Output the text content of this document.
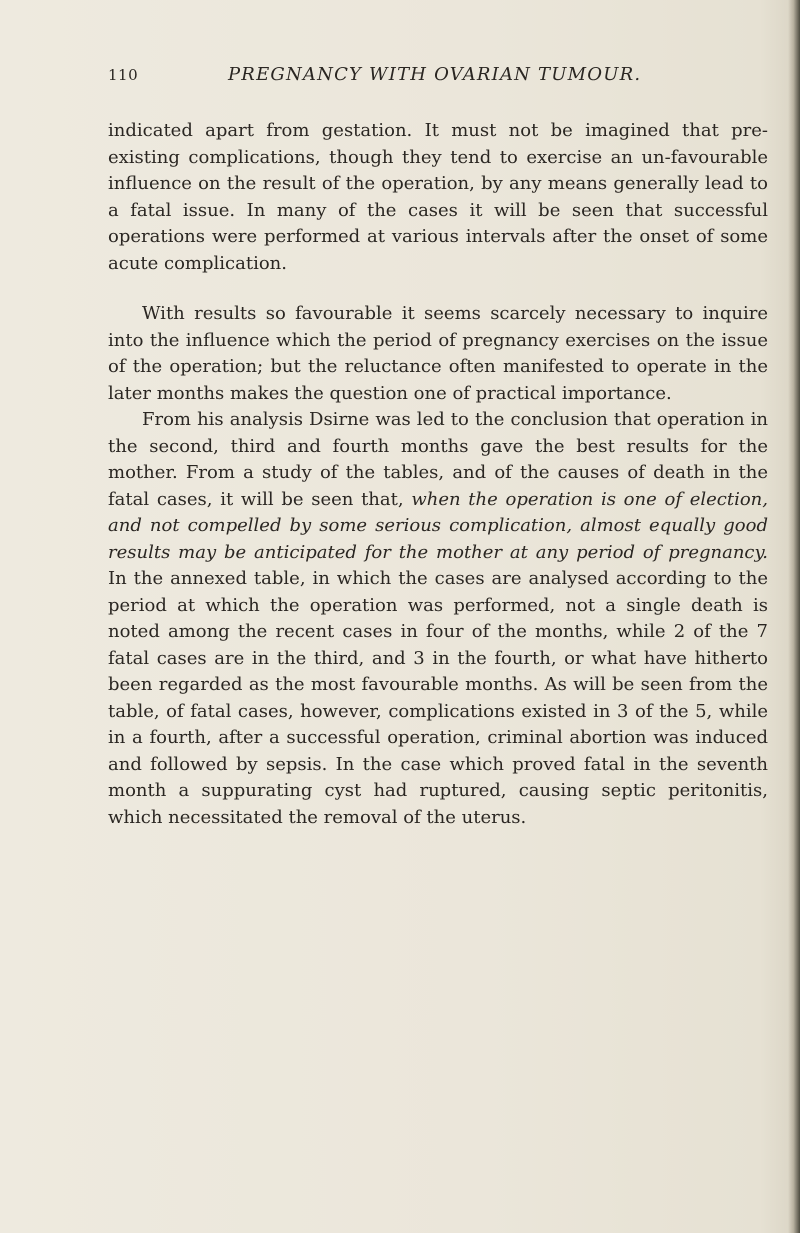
110	PREGNANCY WITH OVARIAN TUMOUR.

indicated apart from gestation. It must not be imagined that pre-existing complications, though they tend to exercise an un-favourable influence on the result of the operation, by any means generally lead to a fatal issue. In many of the cases it will be seen that successful operations were performed at various intervals after the onset of some acute complication.

With results so favourable it seems scarcely necessary to inquire into the influence which the period of pregnancy exercises on the issue of the operation; but the reluctance often manifested to operate in the later months makes the question one of practical importance.

From his analysis Dsirne was led to the conclusion that operation in the second, third and fourth months gave the best results for the mother. From a study of the tables, and of the causes of death in the fatal cases, it will be seen that, when the operation is one of election, and not compelled by some serious complication, almost equally good results may be anticipated for the mother at any period of pregnancy. In the annexed table, in which the cases are analysed according to the period at which the operation was performed, not a single death is noted among the recent cases in four of the months, while 2 of the 7 fatal cases are in the third, and 3 in the fourth, or what have hitherto been regarded as the most favourable months. As will be seen from the table, of fatal cases, however, complications existed in 3 of the 5, while in a fourth, after a successful operation, criminal abortion was induced and followed by sepsis. In the case which proved fatal in the seventh month a suppurating cyst had ruptured, causing septic peritonitis, which necessitated the removal of the uterus.
